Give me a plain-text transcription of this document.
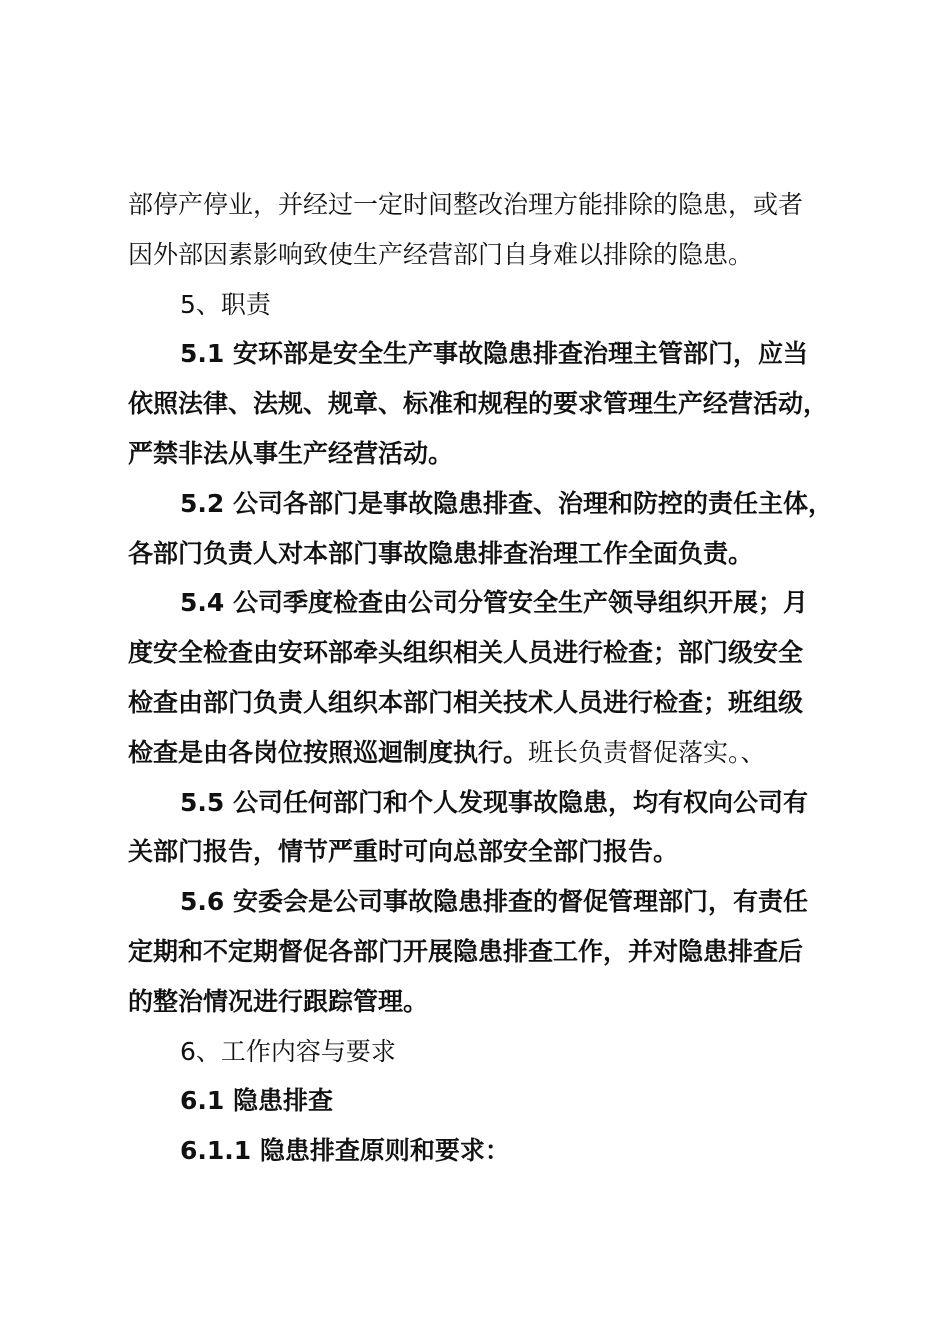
部停产停业，并经过一定时间整改治理方能排除的隐患，或者
因外部因素影响致使生产经营部门自身难以排除的隐患。
5、职责
5.1 安环部是安全生产事故隐患排查治理主管部门，应当
依照法律、法规、规章、标准和规程的要求管理生产经营活动，
严禁非法从事生产经营活动。
5.2 公司各部门是事故隐患排查、治理和防控的责任主体，
各部门负责人对本部门事故隐患排查治理工作全面负责。
5.4 公司季度检查由公司分管安全生产领导组织开展；月
度安全检查由安环部牵头组织相关人员进行检查；部门级安全
检查由部门负责人组织本部门相关技术人员进行检查；班组级
检查是由各岗位按照巡迴制度执行。班长负责督促落实。、
5.5 公司任何部门和个人发现事故隐患，均有权向公司有
关部门报告，情节严重时可向总部安全部门报告。
5.6 安委会是公司事故隐患排查的督促管理部门，有责任
定期和不定期督促各部门开展隐患排查工作，并对隐患排查后
的整治情况进行跟踪管理。
6、工作内容与要求
6.1 隐患排查
6.1.1 隐患排查原则和要求：
